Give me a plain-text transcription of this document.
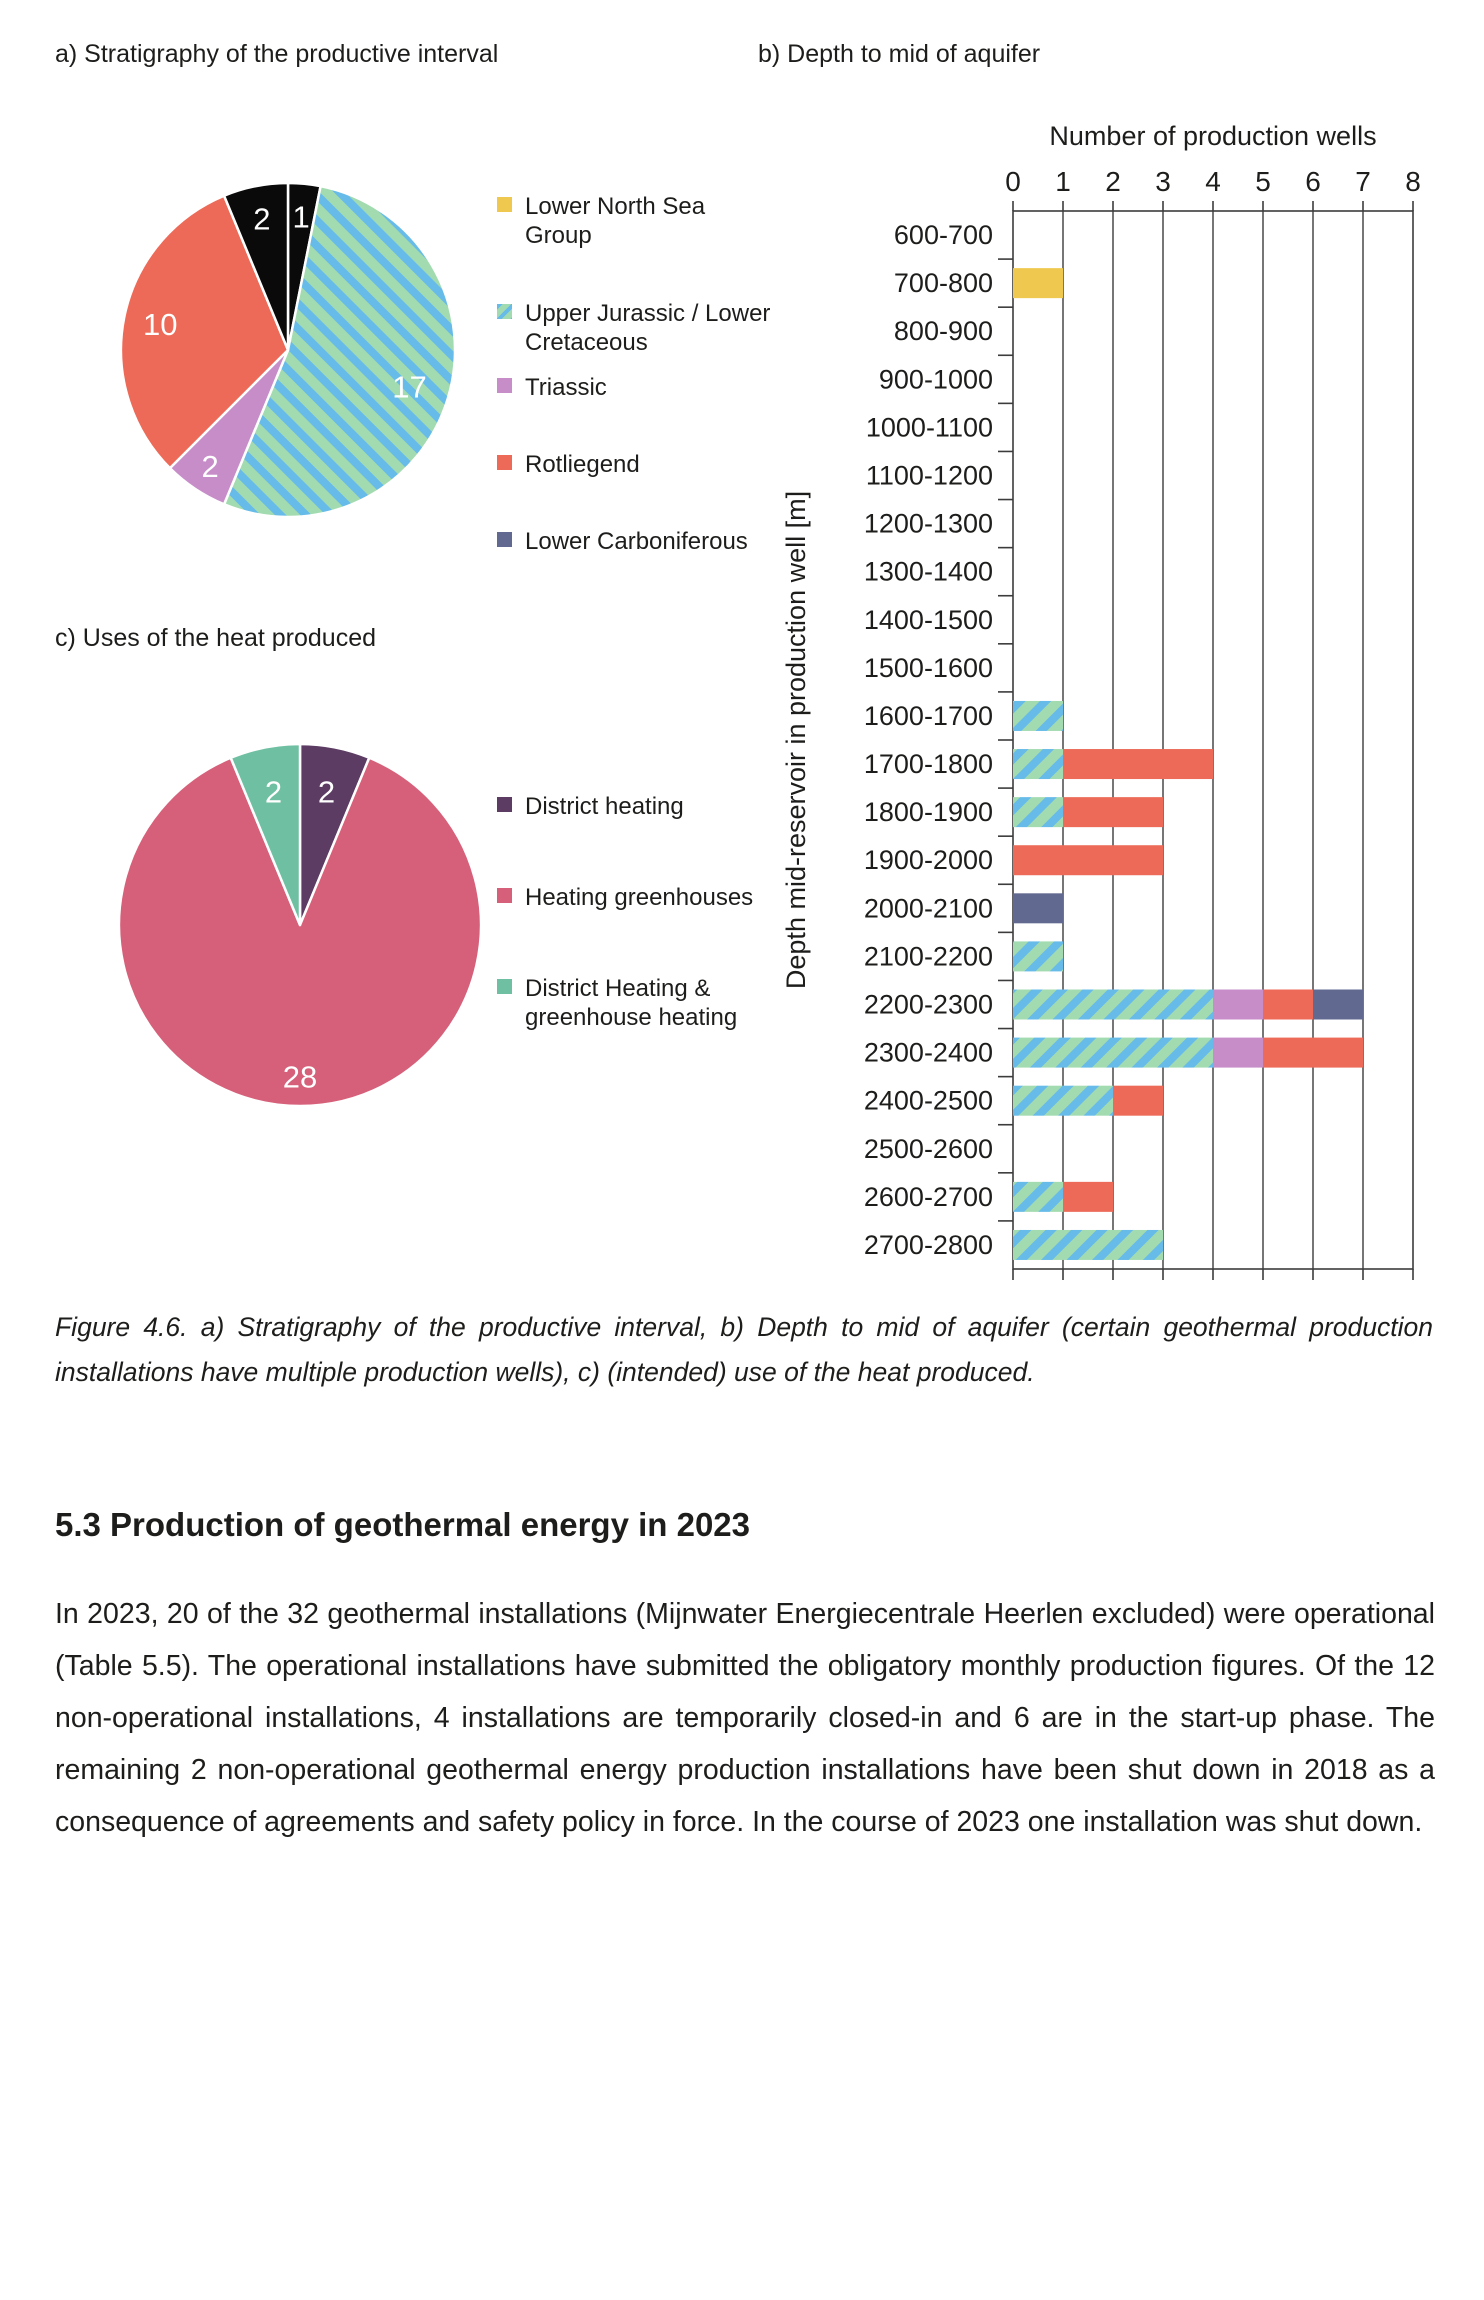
a) Stratigraphy of the productive interval	b) Depth to mid of aquifer
c) Uses of the heat produced
1
17
2
10
2	Lower North Sea Group
Upper Jurassic / Lower Cretaceous
Triassic
Rotliegend
Lower Carboniferous
0 1 2 3 4 5 6 7 8
Number of production wells
Depth mid-reservoir in production well [m]
600-700
700-800
800-900
900-1000
1000-1100
1100-1200
1200-1300
1300-1400
1400-1500
1500-1600
1600-1700
1700-1800
1800-1900
1900-2000
2000-2100
2100-2200
2200-2300
2300-2400
2400-2500
2500-2600
2600-2700
2700-2800
2
28
2	District heating
Heating greenhouses
District Heating & greenhouse heating
Figure 4.6. a) Stratigraphy of the productive interval, b) Depth to mid of aquifer (certain geothermal production installations have multiple production wells), c) (intended) use of the heat produced.
5.3 Production of geothermal energy in 2023
In 2023, 20 of the 32 geothermal installations (Mijnwater Energiecentrale Heerlen excluded) were operational (Table 5.5). The operational installations have submitted the obligatory monthly production figures. Of the 12 non-operational installations, 4 installations are temporarily closed-in and 6 are in the start-up phase. The remaining 2 non-operational geothermal energy production installations have been shut down in 2018 as a consequence of agreements and safety policy in force. In the course of 2023 one installation was shut down.
